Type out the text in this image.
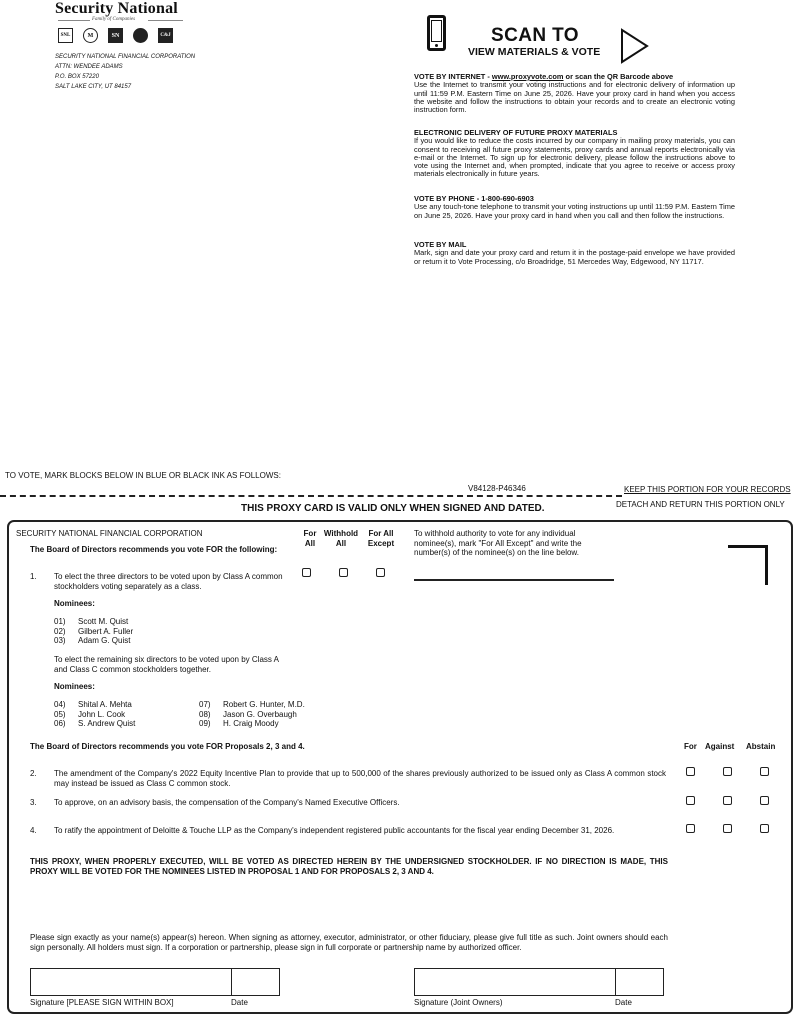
Security National
Family of Companies
SNL	M	SN	C&J
SECURITY NATIONAL FINANCIAL CORPORATION
ATTN: WENDEE ADAMS
P.O. BOX 57220
SALT LAKE CITY, UT 84157
SCAN TO
VIEW MATERIALS & VOTE
VOTE BY INTERNET - www.proxyvote.com or scan the QR Barcode above

Use the Internet to transmit your voting instructions and for electronic delivery of information up until 11:59 P.M. Eastern Time on June 25, 2026. Have your proxy card in hand when you access the website and follow the instructions to obtain your records and to create an electronic voting instruction form.

ELECTRONIC DELIVERY OF FUTURE PROXY MATERIALS

If you would like to reduce the costs incurred by our company in mailing proxy materials, you can consent to receiving all future proxy statements, proxy cards and annual reports electronically via e-mail or the Internet. To sign up for electronic delivery, please follow the instructions above to vote using the Internet and, when prompted, indicate that you agree to receive or access proxy materials electronically in future years.

VOTE BY PHONE - 1-800-690-6903

Use any touch-tone telephone to transmit your voting instructions up until 11:59 P.M. Eastern Time on June 25, 2026. Have your proxy card in hand when you call and then follow the instructions.

VOTE BY MAIL

Mark, sign and date your proxy card and return it in the postage-paid envelope we have provided or return it to Vote Processing, c/o Broadridge, 51 Mercedes Way, Edgewood, NY 11717.

TO VOTE, MARK BLOCKS BELOW IN BLUE OR BLACK INK AS FOLLOWS:
V84128-P46346	KEEP THIS PORTION FOR YOUR RECORDS
DETACH AND RETURN THIS PORTION ONLY
THIS PROXY CARD IS VALID ONLY WHEN SIGNED AND DATED.
SECURITY NATIONAL FINANCIAL CORPORATION
The Board of Directors recommends you vote FOR the following:
For
All
Withhold
All
For All
Except
To withhold authority to vote for any individual nominee(s), mark "For All Except" and write the number(s) of the nominee(s) on the line below.
1. To elect the three directors to be voted upon by Class A common stockholders voting separately as a class.
Nominees:
01) Scott M. Quist
02) Gilbert A. Fuller
03) Adam G. Quist
To elect the remaining six directors to be voted upon by Class A and Class C common stockholders together.
Nominees:
04) Shital A. Mehta
05) John L. Cook
06) S. Andrew Quist
07) Robert G. Hunter, M.D.
08) Jason G. Overbaugh
09) H. Craig Moody
The Board of Directors recommends you vote FOR Proposals 2, 3 and 4.	For Against Abstain
2. The amendment of the Company's 2022 Equity Incentive Plan to provide that up to 500,000 of the shares previously authorized to be issued only as Class A common stock may instead be issued as Class C common stock.
3. To approve, on an advisory basis, the compensation of the Company's Named Executive Officers.
4. To ratify the appointment of Deloitte & Touche LLP as the Company's independent registered public accountants for the fiscal year ending December 31, 2026.
THIS PROXY, WHEN PROPERLY EXECUTED, WILL BE VOTED AS DIRECTED HEREIN BY THE UNDERSIGNED STOCKHOLDER. IF NO DIRECTION IS MADE, THIS PROXY WILL BE VOTED FOR THE NOMINEES LISTED IN PROPOSAL 1 AND FOR PROPOSALS 2, 3 AND 4.
Please sign exactly as your name(s) appear(s) hereon. When signing as attorney, executor, administrator, or other fiduciary, please give full title as such. Joint owners should each sign personally. All holders must sign. If a corporation or partnership, please sign in full corporate or partnership name by authorized officer.
Signature [PLEASE SIGN WITHIN BOX]	Date	Signature (Joint Owners)	Date
